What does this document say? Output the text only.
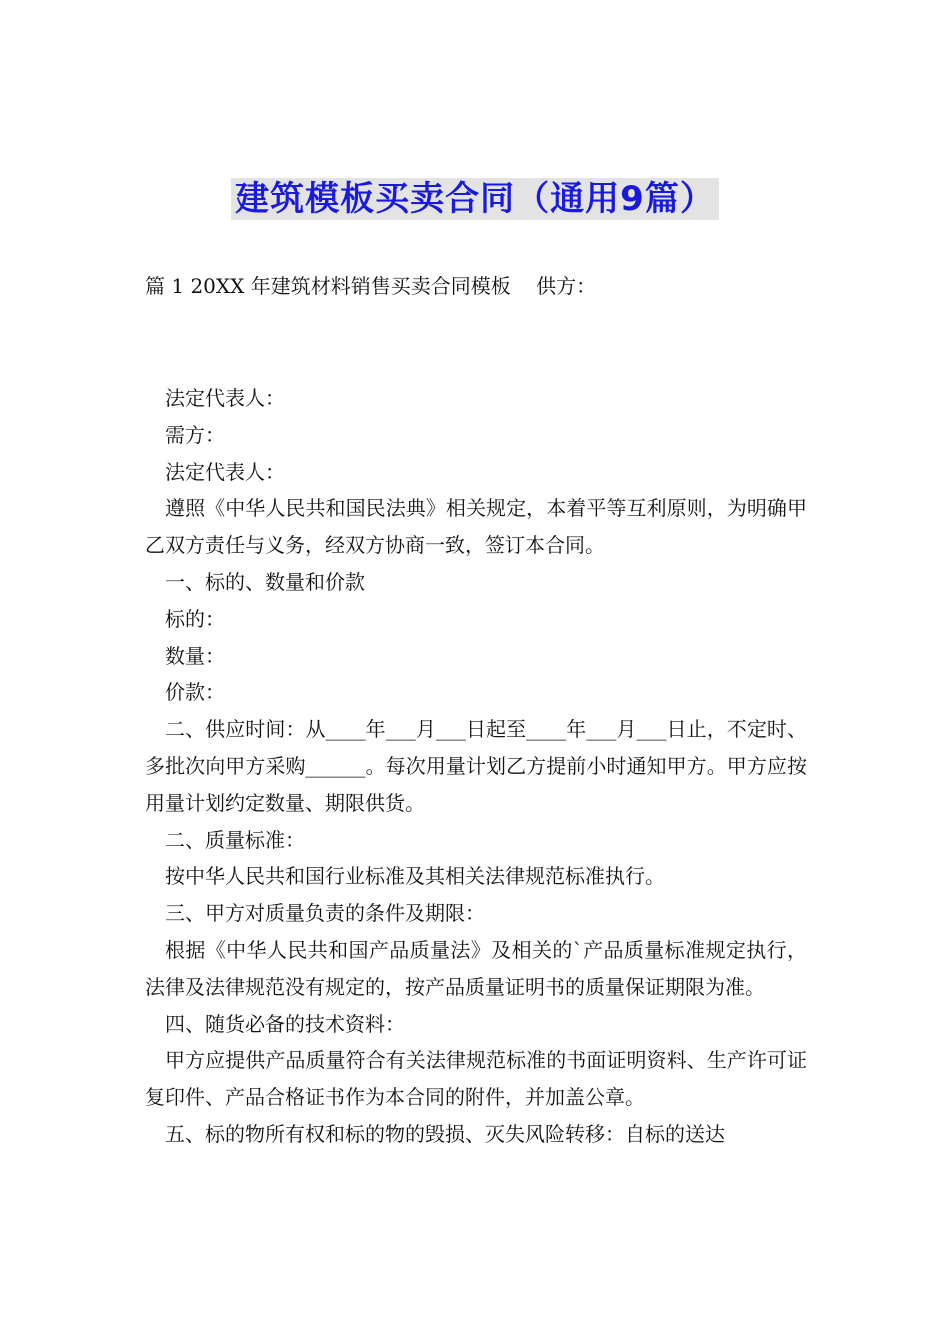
建筑模板买卖合同（通用9篇）
篇 1 20XX 年建筑材料销售买卖合同模板    供方：

法定代表人：

需方：

法定代表人：

遵照《中华人民共和国民法典》相关规定，本着平等互利原则，为明确甲乙双方责任与义务，经双方协商一致，签订本合同。

一、标的、数量和价款

标的：

数量：

价款：

二、供应时间：从____年___月___日起至____年___月___日止，不定时、多批次向甲方采购______。每次用量计划乙方提前小时通知甲方。甲方应按用量计划约定数量、期限供货。

二、质量标准：

按中华人民共和国行业标准及其相关法律规范标准执行。

三、甲方对质量负责的条件及期限：

根据《中华人民共和国产品质量法》及相关的`产品质量标准规定执行，法律及法律规范没有规定的，按产品质量证明书的质量保证期限为准。

四、随货必备的技术资料：

甲方应提供产品质量符合有关法律规范标准的书面证明资料、生产许可证复印件、产品合格证书作为本合同的附件，并加盖公章。

五、标的物所有权和标的物的毁损、灭失风险转移：自标的送达
